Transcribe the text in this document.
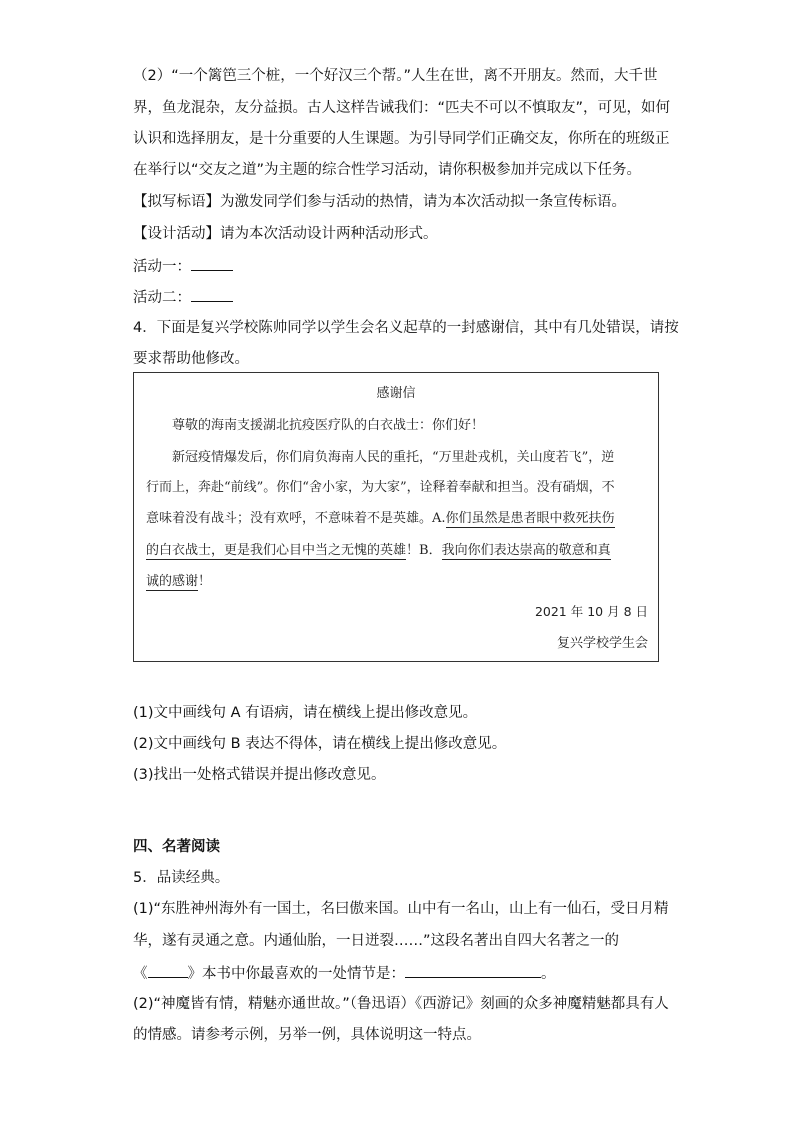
（2）“一个篱笆三个桩，一个好汉三个帮。”人生在世，离不开朋友。然而，大千世
界，鱼龙混杂，友分益损。古人这样告诫我们：“匹夫不可以不慎取友”，可见，如何
认识和选择朋友，是十分重要的人生课题。为引导同学们正确交友，你所在的班级正
在举行以“交友之道”为主题的综合性学习活动，请你积极参加并完成以下任务。
【拟写标语】为激发同学们参与活动的热情，请为本次活动拟一条宣传标语。
【设计活动】请为本次活动设计两种活动形式。
活动一：
活动二：
4．下面是复兴学校陈帅同学以学生会名义起草的一封感谢信，其中有几处错误，请按
要求帮助他修改。
感谢信
尊敬的海南支援湖北抗疫医疗队的白衣战士：你们好！
新冠疫情爆发后，你们肩负海南人民的重托，“万里赴戎机，关山度若飞”，逆
行而上，奔赴“前线”。你们“舍小家，为大家”，诠释着奉献和担当。没有硝烟，不
意味着没有战斗；没有欢呼，不意味着不是英雄。A.你们虽然是患者眼中救死扶伤
的白衣战士，更是我们心目中当之无愧的英雄！B．我向你们表达崇高的敬意和真
诚的感谢！
2021 年 10 月 8 日
复兴学校学生会
(1)文中画线句 A 有语病，请在横线上提出修改意见。
(2)文中画线句 B 表达不得体，请在横线上提出修改意见。
(3)找出一处格式错误并提出修改意见。
四、名著阅读
5．品读经典。
(1)“东胜神州海外有一国土，名曰傲来国。山中有一名山，山上有一仙石，受日月精
华，遂有灵通之意。内通仙胎，一日迸裂……”这段名著出自四大名著之一的
《	》本书中你最喜欢的一处情节是：	。
(2)“神魔皆有情，精魅亦通世故。”（鲁迅语）《西游记》刻画的众多神魔精魅都具有人
的情感。请参考示例，另举一例，具体说明这一特点。
